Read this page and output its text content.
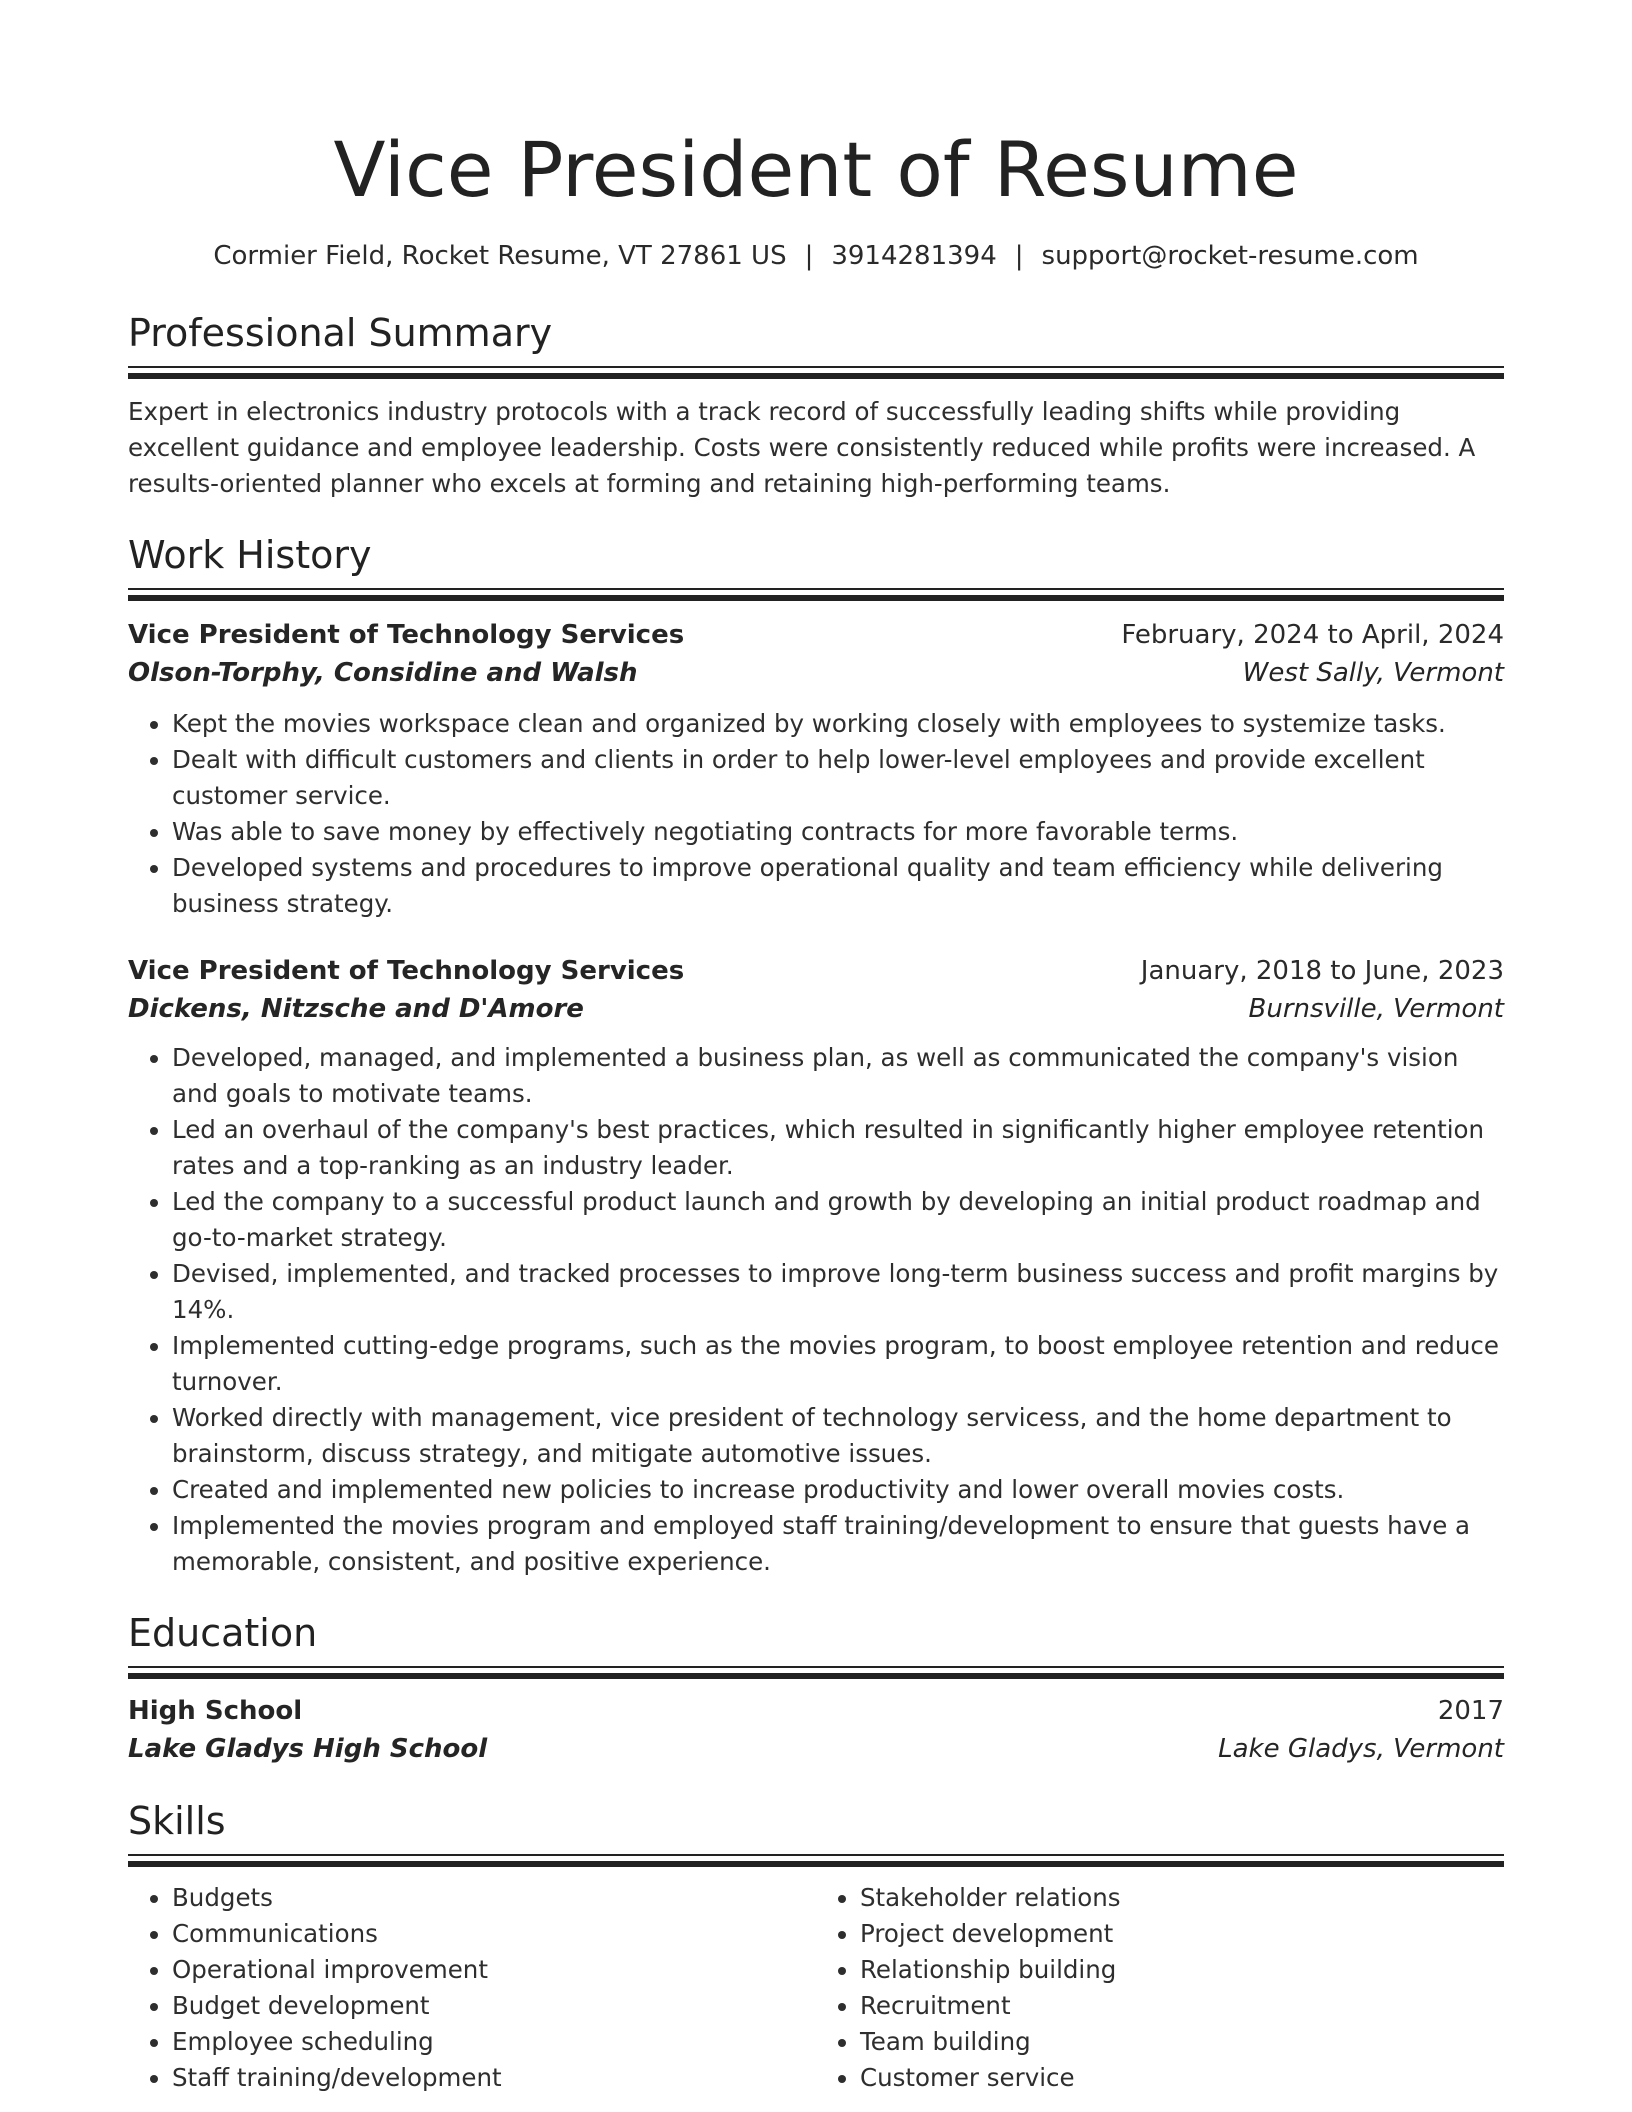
Vice President of Resume
Cormier Field, Rocket Resume, VT 27861 US | 3914281394 | support@rocket-resume.com
Professional Summary

Expert in electronics industry protocols with a track record of successfully leading shifts while providing excellent guidance and employee leadership. Costs were consistently reduced while profits were increased. A results-oriented planner who excels at forming and retaining high-performing teams.

Work History
Vice President of Technology Services	February, 2024 to April, 2024
Olson-Torphy, Considine and Walsh	West Sally, Vermont
• Kept the movies workspace clean and organized by working closely with employees to systemize tasks.
• Dealt with difficult customers and clients in order to help lower-level employees and provide excellent customer service.
• Was able to save money by effectively negotiating contracts for more favorable terms.
• Developed systems and procedures to improve operational quality and team efficiency while delivering business strategy.
Vice President of Technology Services	January, 2018 to June, 2023
Dickens, Nitzsche and D'Amore	Burnsville, Vermont
• Developed, managed, and implemented a business plan, as well as communicated the company's vision and goals to motivate teams.
• Led an overhaul of the company's best practices, which resulted in significantly higher employee retention rates and a top-ranking as an industry leader.
• Led the company to a successful product launch and growth by developing an initial product roadmap and go-to-market strategy.
• Devised, implemented, and tracked processes to improve long-term business success and profit margins by 14%.
• Implemented cutting-edge programs, such as the movies program, to boost employee retention and reduce turnover.
• Worked directly with management, vice president of technology servicess, and the home department to brainstorm, discuss strategy, and mitigate automotive issues.
• Created and implemented new policies to increase productivity and lower overall movies costs.
• Implemented the movies program and employed staff training/development to ensure that guests have a memorable, consistent, and positive experience.
Education
High School	2017
Lake Gladys High School	Lake Gladys, Vermont
Skills
• Budgets
• Communications
• Operational improvement
• Budget development
• Employee scheduling
• Staff training/development
• Stakeholder relations
• Project development
• Relationship building
• Recruitment
• Team building
• Customer service
